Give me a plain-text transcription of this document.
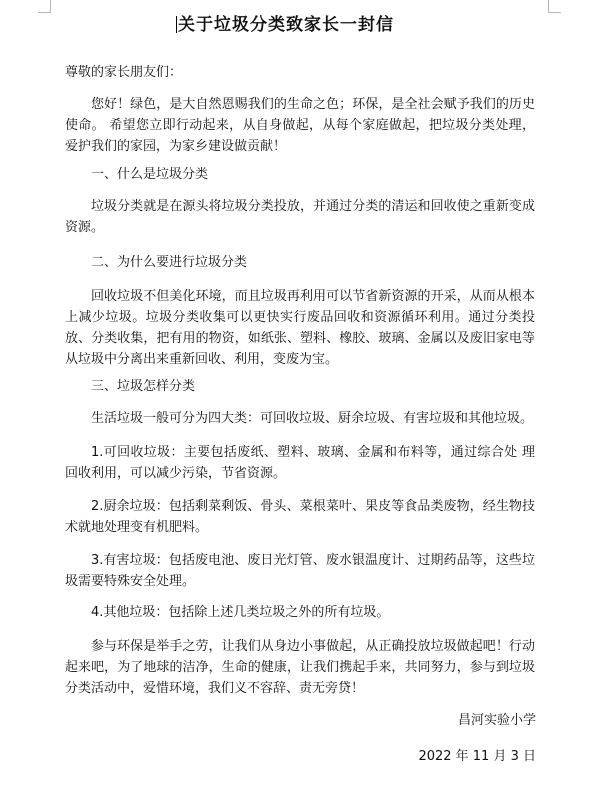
关于垃圾分类致家长一封信
尊敬的家长朋友们：

您好！绿色，是大自然恩赐我们的生命之色；环保，是全社会赋予我们的历史使命。 希望您立即行动起来，从自身做起，从每个家庭做起，把垃圾分类处理，爱护我们的家园，为家乡建设做贡献！

一、什么是垃圾分类

垃圾分类就是在源头将垃圾分类投放，并通过分类的清运和回收使之重新变成资源。

二、为什么要进行垃圾分类

回收垃圾不但美化环境，而且垃圾再利用可以节省新资源的开采，从而从根本上减少垃圾。垃圾分类收集可以更快实行废品回收和资源循环利用。通过分类投放、分类收集，把有用的物资，如纸张、塑料、橡胶、玻璃、金属以及废旧家电等从垃圾中分离出来重新回收、利用，变废为宝。

三、垃圾怎样分类

生活垃圾一般可分为四大类：可回收垃圾、厨余垃圾、有害垃圾和其他垃圾。

1.可回收垃圾：主要包括废纸、塑料、玻璃、金属和布料等，通过综合处 理回收利用，可以减少污染，节省资源。

2.厨余垃圾：包括剩菜剩饭、骨头、菜根菜叶、果皮等食品类废物，经生物技术就地处理变有机肥料。

3.有害垃圾：包括废电池、废日光灯管、废水银温度计、过期药品等，这些垃圾需要特殊安全处理。

4.其他垃圾：包括除上述几类垃圾之外的所有垃圾。

参与环保是举手之劳，让我们从身边小事做起，从正确投放垃圾做起吧！行动起来吧，为了地球的洁净，生命的健康，让我们携起手来，共同努力，参与到垃圾分类活动中，爱惜环境，我们义不容辞、责无旁贷！

昌河实验小学
2022 年 11 月 3 日
